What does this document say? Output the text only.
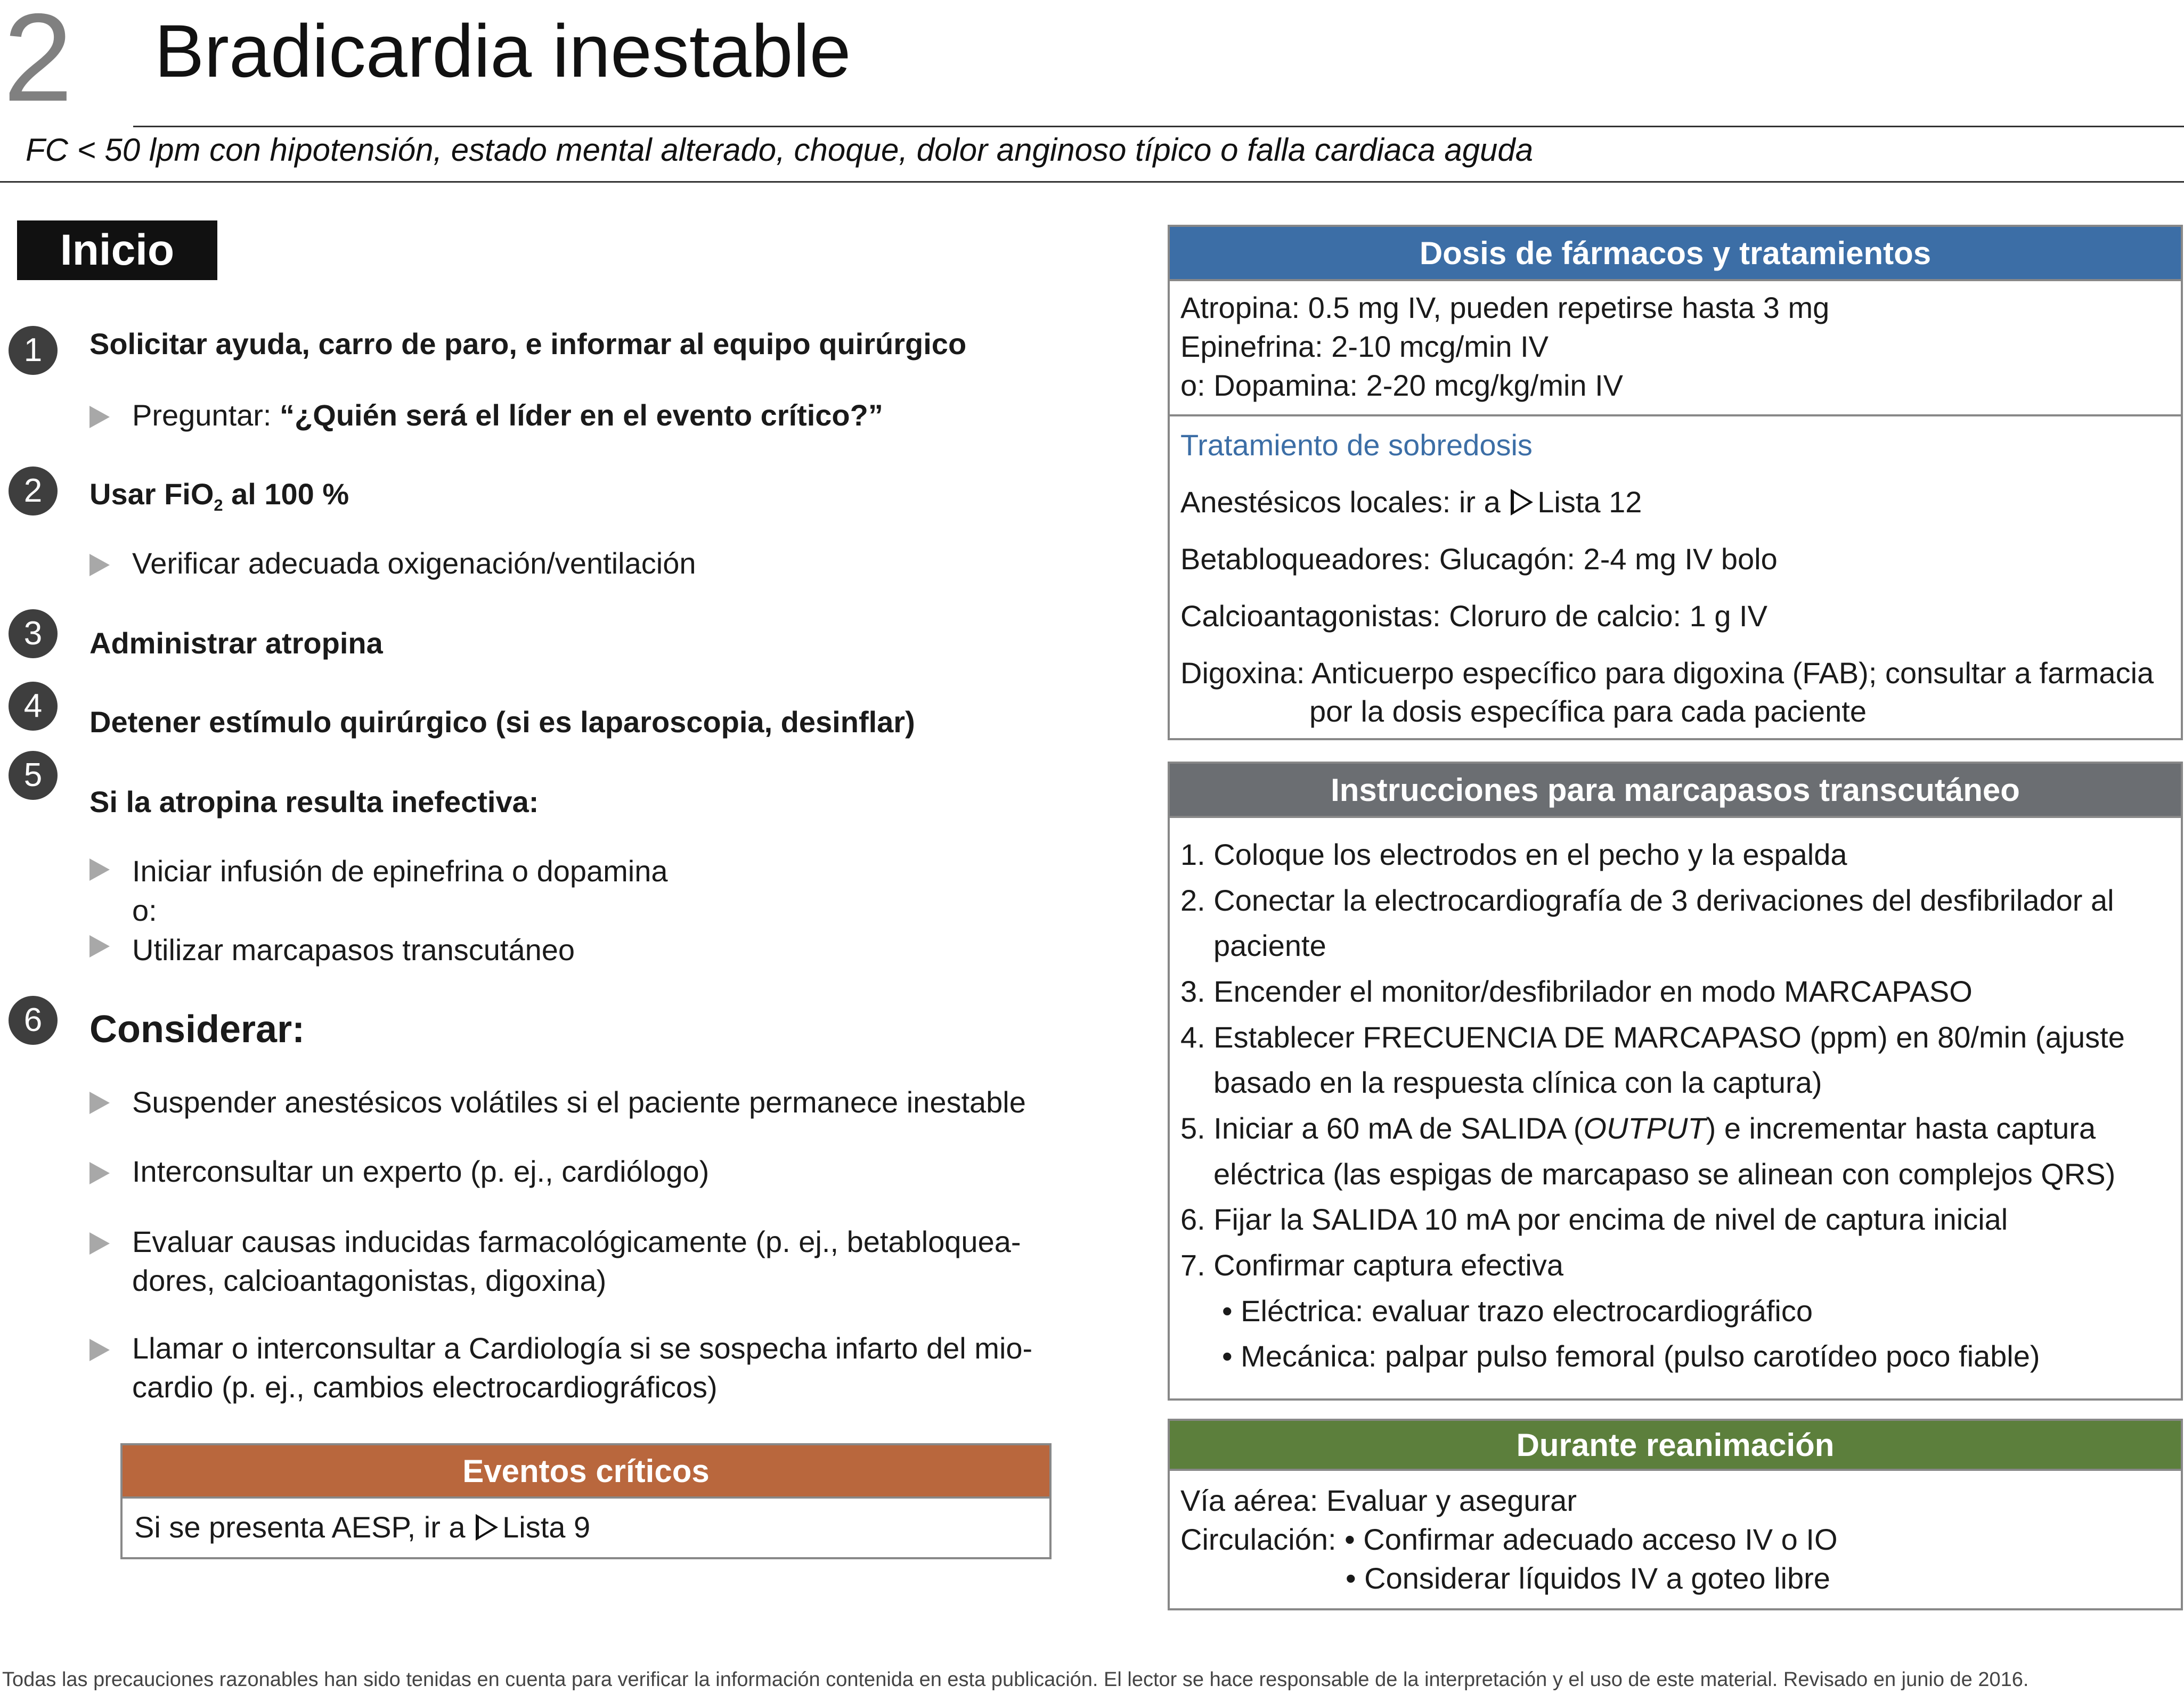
2 Bradicardia inestable
FC < 50 lpm con hipotensión, estado mental alterado, choque, dolor anginoso típico o falla cardiaca aguda
Inicio
1	Solicitar ayuda, carro de paro, e informar al equipo quirúrgico
Preguntar: “¿Quién será el líder en el evento crítico?”
2	Usar FiO$_2$ al 100 %
Verificar adecuada oxigenación/ventilación
3	Administrar atropina
4	Detener estímulo quirúrgico (si es laparoscopia, desinflar)
5
Si la atropina resulta inefectiva:
Iniciar infusión de epinefrina o dopamina
o:
Utilizar marcapasos transcutáneo
6	Considerar:
Suspender anestésicos volátiles si el paciente permanece inestable
Interconsultar un experto (p. ej., cardiólogo)
Evaluar causas inducidas farmacológicamente (p. ej., betabloquea-
dores, calcioantagonistas, digoxina)
Llamar o interconsultar a Cardiología si se sospecha infarto del mio-
cardio (p. ej., cambios electrocardiográficos)
Eventos críticos
Si se presenta AESP, ir a Lista 9
Dosis de fármacos y tratamientos
Atropina: 0.5 mg IV, pueden repetirse hasta 3 mg
Epinefrina: 2-10 mcg/min IV
o: Dopamina: 2-20 mcg/kg/min IV
Tratamiento de sobredosis
Anestésicos locales: ir a Lista 12
Betabloqueadores: Glucagón: 2-4 mg IV bolo
Calcioantagonistas: Cloruro de calcio: 1 g IV
Digoxina: Anticuerpo específico para digoxina (FAB); consultar a farmacia
por la dosis específica para cada paciente
Instrucciones para marcapasos transcutáneo
1. Coloque los electrodos en el pecho y la espalda
2. Conectar la electrocardiografía de 3 derivaciones del desfibrilador al
paciente
3. Encender el monitor/desfibrilador en modo MARCAPASO
4. Establecer FRECUENCIA DE MARCAPASO (ppm) en 80/min (ajuste
basado en la respuesta clínica con la captura)
5. Iniciar a 60 mA de SALIDA (OUTPUT) e incrementar hasta captura
eléctrica (las espigas de marcapaso se alinean con complejos QRS)
6. Fijar la SALIDA 10 mA por encima de nivel de captura inicial
7. Confirmar captura efectiva
• Eléctrica: evaluar trazo electrocardiográfico
• Mecánica: palpar pulso femoral (pulso carotídeo poco fiable)
Durante reanimación
Vía aérea: Evaluar y asegurar
Circulación: • Confirmar adecuado acceso IV o IO
• Considerar líquidos IV a goteo libre
Todas las precauciones razonables han sido tenidas en cuenta para verificar la información contenida en esta publicación. El lector se hace responsable de la interpretación y el uso de este material. Revisado en junio de 2016.
